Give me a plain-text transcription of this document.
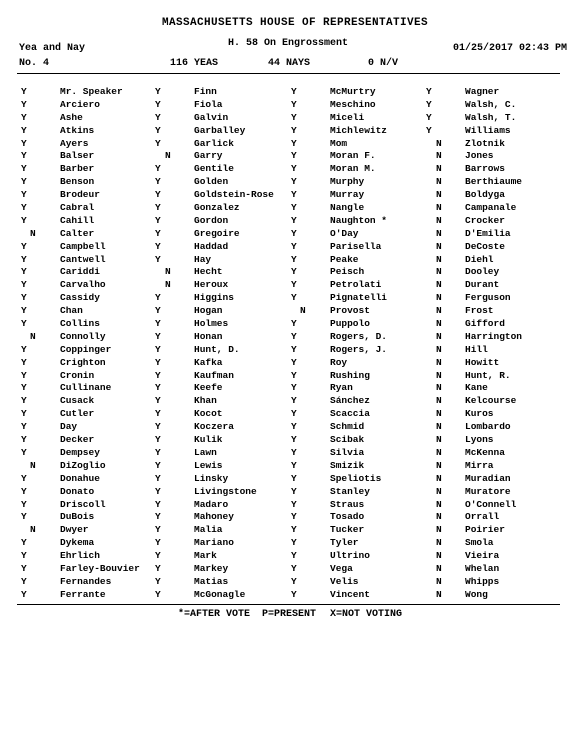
MASSACHUSETTS HOUSE OF REPRESENTATIVES
Yea and Nay	H. 58 On Engrossment	01/25/2017 02:43 PM
No. 4	116 YEAS	44 NAYS	0 N/V
Y	Mr. Speaker	Y	Finn	Y	McMurtry	Y	Wagner
Y	Arciero	Y	Fiola	Y	Meschino	Y	Walsh, C.
Y	Ashe	Y	Galvin	Y	Miceli	Y	Walsh, T.
Y	Atkins	Y	Garballey	Y	Michlewitz	Y	Williams
Y	Ayers	Y	Garlick	Y	Mom	N Zlotnik
Y	Balser	N Garry	Y	Moran F.	N Jones
Y	Barber	Y	Gentile	Y	Moran M.	N Barrows
Y	Benson	Y	Golden	Y	Murphy	N Berthiaume
Y	Brodeur	Y	Goldstein-Rose Y	Murray	N Boldyga
Y	Cabral	Y	Gonzalez	Y	Nangle	N Campanale
Y	Cahill	Y	Gordon	Y	Naughton *	N Crocker
N	Calter	Y	Gregoire	Y	O'Day	N D'Emilia
Y	Campbell	Y	Haddad	Y	Parisella	N DeCoste
Y	Cantwell	Y	Hay	Y	Peake	N Diehl
Y	Cariddi	N Hecht	Y	Peisch	N Dooley
Y	Carvalho	N Heroux	Y	Petrolati	N Durant
Y	Cassidy	Y	Higgins	Y	Pignatelli	N Ferguson
Y	Chan	Y	Hogan	N	Provost	N Frost
Y	Collins	Y	Holmes	Y	Puppolo	N Gifford
N	Connolly	Y	Honan	Y	Rogers, D.	N Harrington
Y	Coppinger	Y	Hunt, D.	Y	Rogers, J.	N Hill
Y	Crighton	Y	Kafka	Y	Roy	N Howitt
Y	Cronin	Y	Kaufman	Y	Rushing	N Hunt, R.
Y	Cullinane	Y	Keefe	Y	Ryan	N Kane
Y	Cusack	Y	Khan	Y	Sánchez	N Kelcourse
Y	Cutler	Y	Kocot	Y	Scaccia	N Kuros
Y	Day	Y	Koczera	Y	Schmid	N Lombardo
Y	Decker	Y	Kulik	Y	Scibak	N Lyons
Y	Dempsey	Y	Lawn	Y	Silvia	N McKenna
N	DiZoglio	Y	Lewis	Y	Smizik	N Mirra
Y	Donahue	Y	Linsky	Y	Speliotis	N Muradian
Y	Donato	Y	Livingstone	Y	Stanley	N Muratore
Y	Driscoll	Y	Madaro	Y	Straus	N O'Connell
Y	DuBois	Y	Mahoney	Y	Tosado	N Orrall
N	Dwyer	Y	Malia	Y	Tucker	N Poirier
Y	Dykema	Y	Mariano	Y	Tyler	N Smola
Y	Ehrlich	Y	Mark	Y	Ultrino	N Vieira
Y	Farley-Bouvier Y	Markey	Y	Vega	N Whelan
Y	Fernandes	Y	Matias	Y	Velis	N Whipps
Y	Ferrante	Y	McGonagle	Y	Vincent	N Wong
*=AFTER VOTE P=PRESENT X=NOT VOTING
